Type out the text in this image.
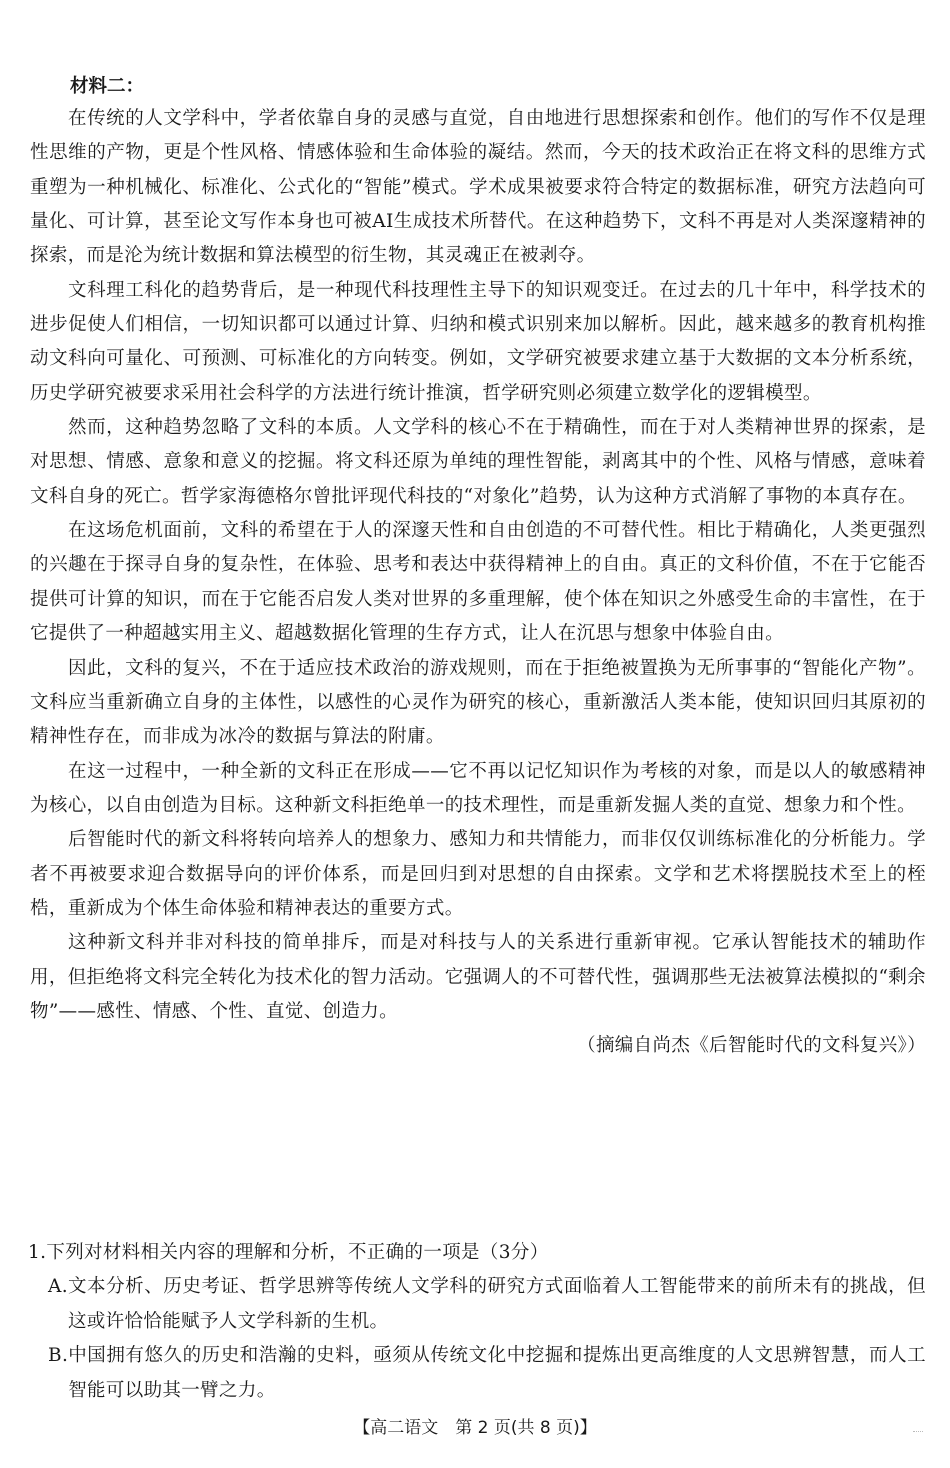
材料二：

在传统的人文学科中，学者依靠自身的灵感与直觉，自由地进行思想探索和创作。他们的写作不仅是理性思维的产物，更是个性风格、情感体验和生命体验的凝结。然而，今天的技术政治正在将文科的思维方式重塑为一种机械化、标准化、公式化的“智能”模式。学术成果被要求符合特定的数据标准，研究方法趋向可量化、可计算，甚至论文写作本身也可被AI生成技术所替代。在这种趋势下，文科不再是对人类深邃精神的探索，而是沦为统计数据和算法模型的衍生物，其灵魂正在被剥夺。

文科理工科化的趋势背后，是一种现代科技理性主导下的知识观变迁。在过去的几十年中，科学技术的进步促使人们相信，一切知识都可以通过计算、归纳和模式识别来加以解析。因此，越来越多的教育机构推动文科向可量化、可预测、可标准化的方向转变。例如，文学研究被要求建立基于大数据的文本分析系统，历史学研究被要求采用社会科学的方法进行统计推演，哲学研究则必须建立数学化的逻辑模型。

然而，这种趋势忽略了文科的本质。人文学科的核心不在于精确性，而在于对人类精神世界的探索，是对思想、情感、意象和意义的挖掘。将文科还原为单纯的理性智能，剥离其中的个性、风格与情感，意味着文科自身的死亡。哲学家海德格尔曾批评现代科技的“对象化”趋势，认为这种方式消解了事物的本真存在。

在这场危机面前，文科的希望在于人的深邃天性和自由创造的不可替代性。相比于精确化，人类更强烈的兴趣在于探寻自身的复杂性，在体验、思考和表达中获得精神上的自由。真正的文科价值，不在于它能否提供可计算的知识，而在于它能否启发人类对世界的多重理解，使个体在知识之外感受生命的丰富性，在于它提供了一种超越实用主义、超越数据化管理的生存方式，让人在沉思与想象中体验自由。

因此，文科的复兴，不在于适应技术政治的游戏规则，而在于拒绝被置换为无所事事的“智能化产物”。文科应当重新确立自身的主体性，以感性的心灵作为研究的核心，重新激活人类本能，使知识回归其原初的精神性存在，而非成为冰冷的数据与算法的附庸。

在这一过程中，一种全新的文科正在形成——它不再以记忆知识作为考核的对象，而是以人的敏感精神为核心，以自由创造为目标。这种新文科拒绝单一的技术理性，而是重新发掘人类的直觉、想象力和个性。

后智能时代的新文科将转向培养人的想象力、感知力和共情能力，而非仅仅训练标准化的分析能力。学者不再被要求迎合数据导向的评价体系，而是回归到对思想的自由探索。文学和艺术将摆脱技术至上的桎梏，重新成为个体生命体验和精神表达的重要方式。

这种新文科并非对科技的简单排斥，而是对科技与人的关系进行重新审视。它承认智能技术的辅助作用，但拒绝将文科完全转化为技术化的智力活动。它强调人的不可替代性，强调那些无法被算法模拟的“剩余物”——感性、情感、个性、直觉、创造力。

（摘编自尚杰《后智能时代的文科复兴》）

1.下列对材料相关内容的理解和分析，不正确的一项是（3分）

A. 文本分析、历史考证、哲学思辨等传统人文学科的研究方式面临着人工智能带来的前所未有的挑战，但这或许恰恰能赋予人文学科新的生机。
B. 中国拥有悠久的历史和浩瀚的史料，亟须从传统文化中挖掘和提炼出更高维度的人文思辨智慧，而人工智能可以助其一臂之力。
【高二语文　第 2 页(共 8 页)】
